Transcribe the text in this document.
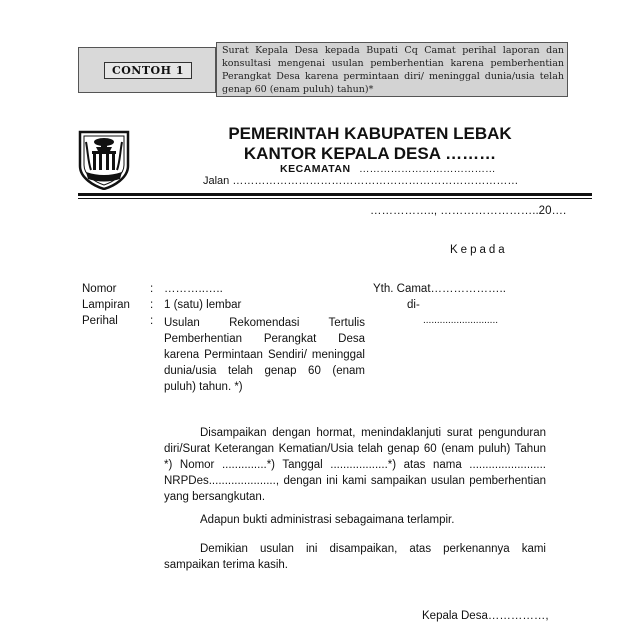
CONTOH 1
Surat Kepala Desa kepada Bupati Cq Camat perihal laporan dan konsultasi mengenai usulan pemberhentian karena pemberhentian Perangkat Desa karena permintaan diri/ meninggal dunia/usia telah genap 60 (enam puluh) tahun)*
PEMERINTAH KABUPATEN LEBAK
KANTOR KEPALA DESA ………
KECAMATAN …………………………………
Jalan ……………………………………………………………………
…………….., ……………………..20….
Kepada
Nomor
Lampiran
Perihal
:
:
:
………..…..
1 (satu) lembar
Usulan Rekomendasi Tertulis Pemberhentian Perangkat Desa karena Permintaan Sendiri/ meninggal dunia/usia telah genap 60 (enam puluh) tahun. *)
Yth. Camat………………..
di-
...........................
Disampaikan dengan hormat, menindaklanjuti surat pengunduran diri/Surat Keterangan Kematian/Usia telah genap 60 (enam puluh) Tahun *) Nomor ..............*) Tanggal ..................*) atas nama ........................ NRPDes....................., dengan ini kami sampaikan usulan pemberhentian yang bersangkutan.
Adapun bukti administrasi sebagaimana terlampir.
Demikian usulan ini disampaikan, atas perkenannya kami sampaikan terima kasih.
Kepala Desa……………,
